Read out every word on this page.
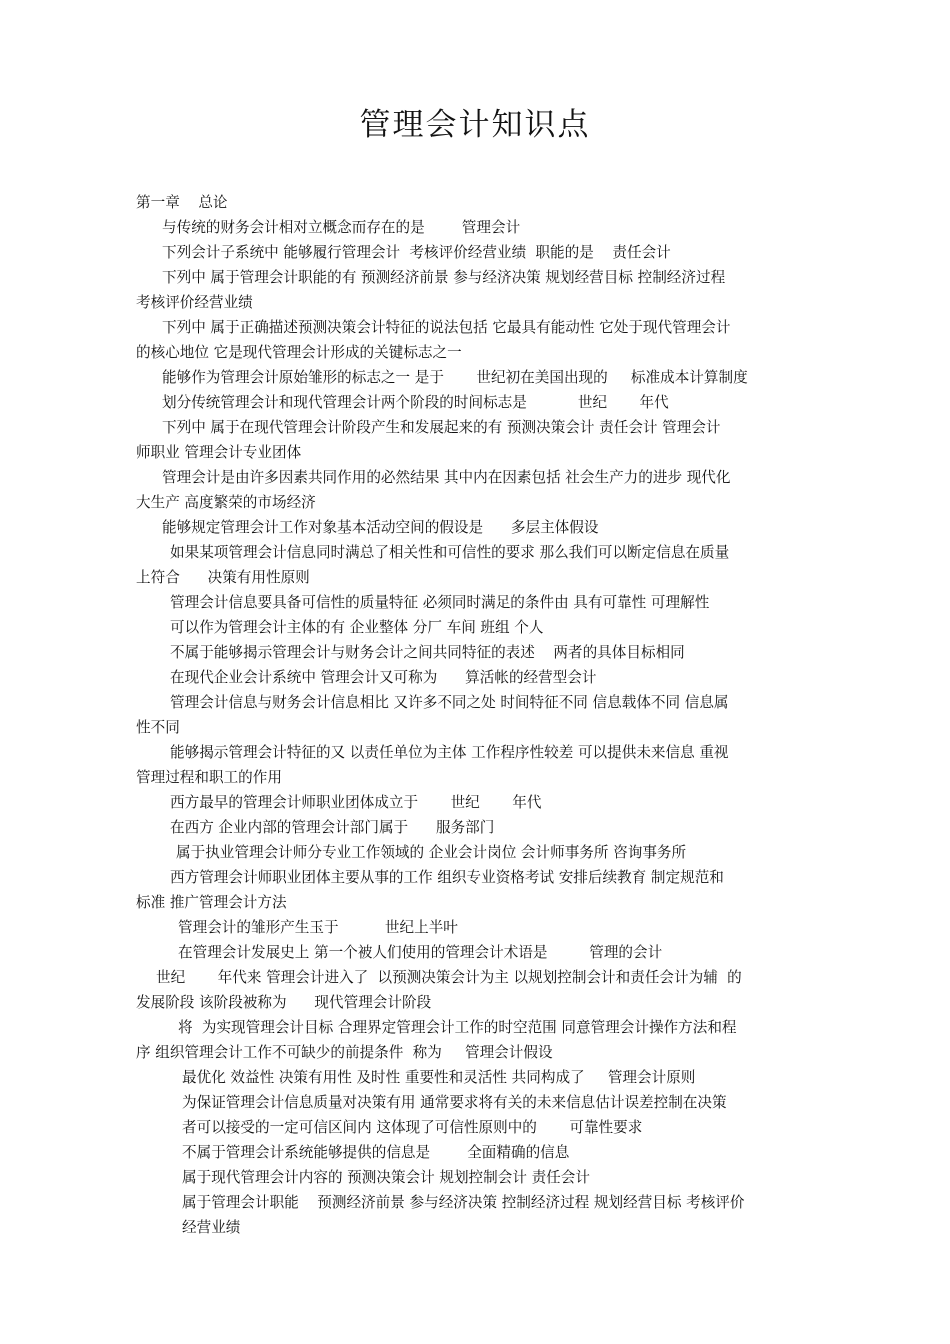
管理会计知识点
第一章    总论
与传统的财务会计相对立概念而存在的是        管理会计
下列会计子系统中 能够履行管理会计  考核评价经营业绩  职能的是    责任会计
下列中 属于管理会计职能的有 预测经济前景 参与经济决策 规划经营目标 控制经济过程
考核评价经营业绩
下列中 属于正确描述预测决策会计特征的说法包括 它最具有能动性 它处于现代管理会计
的核心地位 它是现代管理会计形成的关键标志之一
能够作为管理会计原始雏形的标志之一 是于       世纪初在美国出现的     标准成本计算制度
划分传统管理会计和现代管理会计两个阶段的时间标志是           世纪       年代
下列中 属于在现代管理会计阶段产生和发展起来的有 预测决策会计 责任会计 管理会计
师职业 管理会计专业团体
管理会计是由许多因素共同作用的必然结果 其中内在因素包括 社会生产力的进步 现代化
大生产 高度繁荣的市场经济
能够规定管理会计工作对象基本活动空间的假设是      多层主体假设
如果某项管理会计信息同时满总了相关性和可信性的要求 那么我们可以断定信息在质量
上符合      决策有用性原则
管理会计信息要具备可信性的质量特征 必须同时满足的条件由 具有可靠性 可理解性
可以作为管理会计主体的有 企业整体 分厂 车间 班组 个人
不属于能够揭示管理会计与财务会计之间共同特征的表述    两者的具体目标相同
在现代企业会计系统中 管理会计又可称为      算活帐的经营型会计
管理会计信息与财务会计信息相比 又许多不同之处 时间特征不同 信息载体不同 信息属
性不同
能够揭示管理会计特征的又 以责任单位为主体 工作程序性较差 可以提供未来信息 重视
管理过程和职工的作用
西方最早的管理会计师职业团体成立于       世纪       年代
在西方 企业内部的管理会计部门属于      服务部门
属于执业管理会计师分专业工作领域的 企业会计岗位 会计师事务所 咨询事务所
西方管理会计师职业团体主要从事的工作 组织专业资格考试 安排后续教育 制定规范和
标准 推广管理会计方法
管理会计的雏形产生玉于          世纪上半叶
在管理会计发展史上 第一个被人们使用的管理会计术语是         管理的会计
世纪       年代来 管理会计进入了  以预测决策会计为主 以规划控制会计和责任会计为辅  的
发展阶段 该阶段被称为      现代管理会计阶段
将  为实现管理会计目标 合理界定管理会计工作的时空范围 同意管理会计操作方法和程
序 组织管理会计工作不可缺少的前提条件  称为     管理会计假设
最优化 效益性 决策有用性 及时性 重要性和灵活性 共同构成了     管理会计原则
为保证管理会计信息质量对决策有用 通常要求将有关的未来信息估计误差控制在决策
者可以接受的一定可信区间内 这体现了可信性原则中的       可靠性要求
不属于管理会计系统能够提供的信息是        全面精确的信息
属于现代管理会计内容的 预测决策会计 规划控制会计 责任会计
属于管理会计职能    预测经济前景 参与经济决策 控制经济过程 规划经营目标 考核评价
经营业绩
